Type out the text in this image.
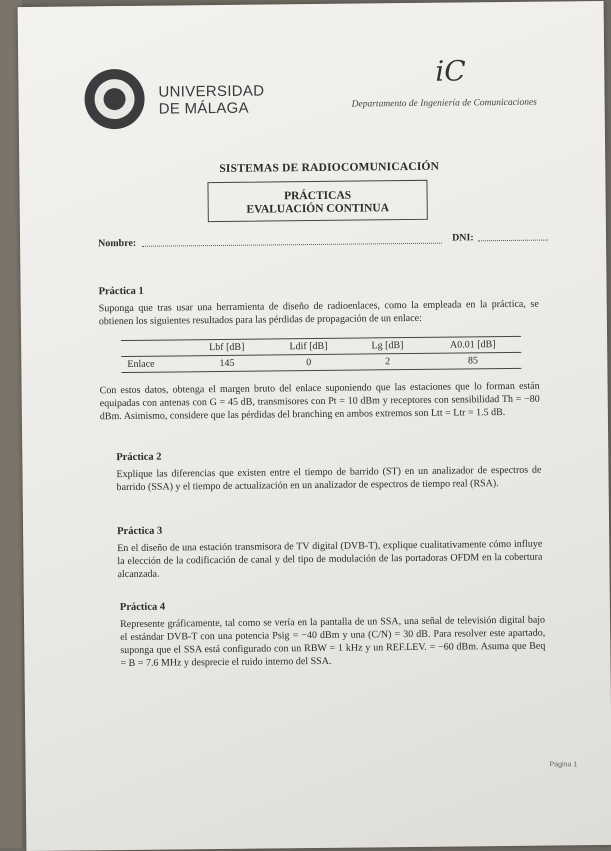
UNIVERSIDAD
DE MÁLAGA
iC
Departamento de Ingeniería de Comunicaciones
SISTEMAS DE RADIOCOMUNICACIÓN
PRÁCTICAS
EVALUACIÓN CONTINUA
Nombre:	DNI:
Práctica 1
Suponga que tras usar una herramienta de diseño de radioenlaces, como la empleada en la práctica, se obtienen los siguientes resultados para las pérdidas de propagación de un enlace:
	Lbf [dB]	Ldif [dB]	Lg [dB]	A0.01 [dB]
Enlace	145	0	2	85
Con estos datos, obtenga el margen bruto del enlace suponiendo que las estaciones que lo forman están equipadas con antenas con G = 45 dB, transmisores con Pt = 10 dBm y receptores con sensibilidad Th = −80 dBm. Asimismo, considere que las pérdidas del branching en ambos extremos son Ltt = Ltr = 1.5 dB.
Práctica 2
Explique las diferencias que existen entre el tiempo de barrido (ST) en un analizador de espectros de barrido (SSA) y el tiempo de actualización en un analizador de espectros de tiempo real (RSA).
Práctica 3
En el diseño de una estación transmisora de TV digital (DVB-T), explique cualitativamente cómo influye la elección de la codificación de canal y del tipo de modulación de las portadoras OFDM en la cobertura alcanzada.
Práctica 4
Represente gráficamente, tal como se vería en la pantalla de un SSA, una señal de televisión digital bajo el estándar DVB-T con una potencia Psig = −40 dBm y una (C/N) = 30 dB. Para resolver este apartado, suponga que el SSA está configurado con un RBW = 1 kHz y un REF.LEV. = −60 dBm. Asuma que Beq = B = 7.6 MHz y desprecie el ruido interno del SSA.
Página 1
